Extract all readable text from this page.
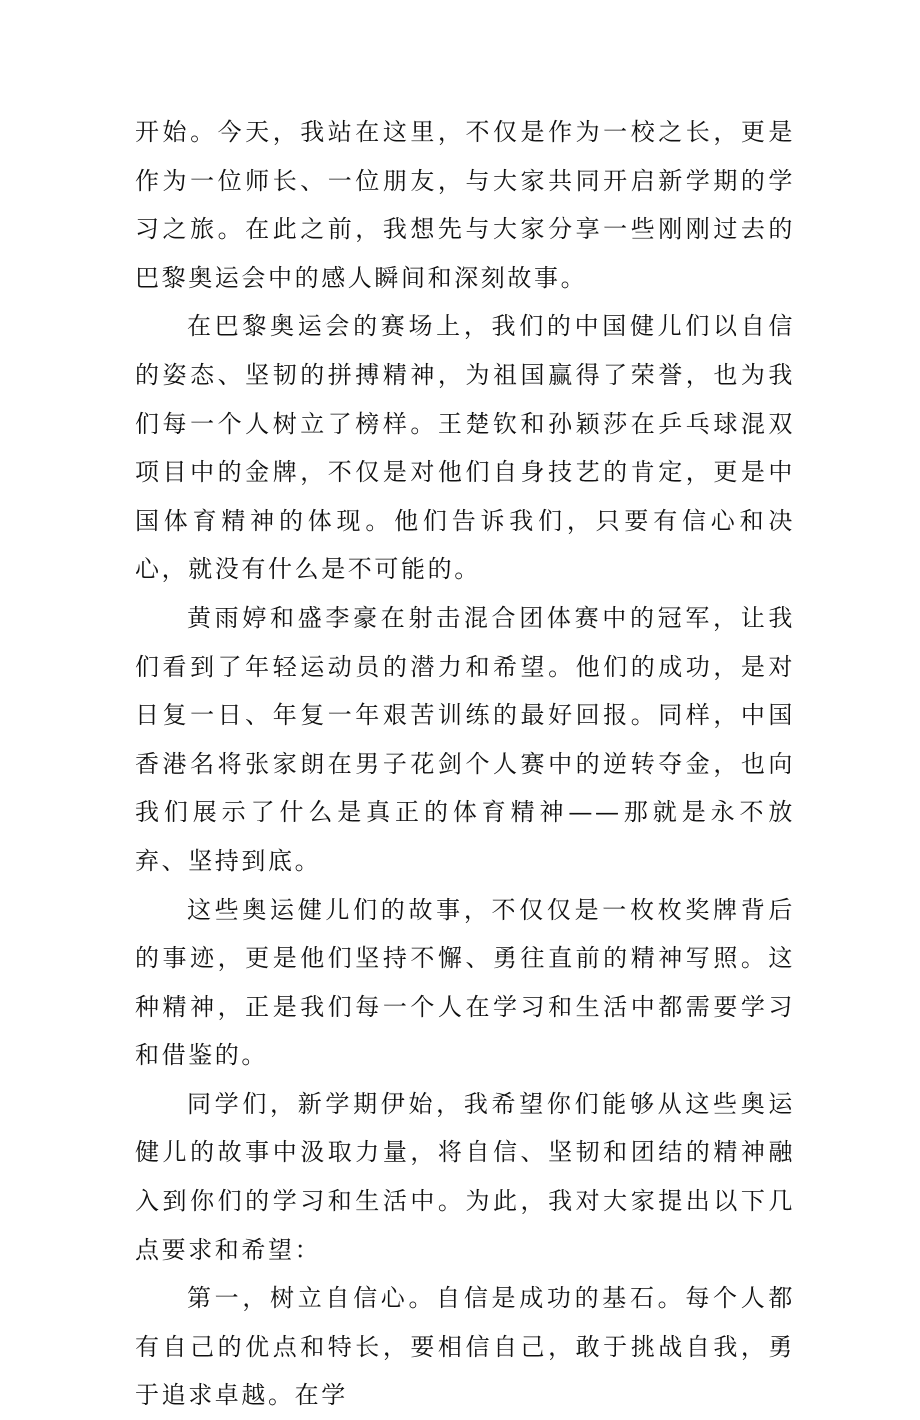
开始。今天，我站在这里，不仅是作为一校之长，更是作为一位师长、一位朋友，与大家共同开启新学期的学习之旅。在此之前，我想先与大家分享一些刚刚过去的巴黎奥运会中的感人瞬间和深刻故事。

在巴黎奥运会的赛场上，我们的中国健儿们以自信的姿态、坚韧的拼搏精神，为祖国赢得了荣誉，也为我们每一个人树立了榜样。王楚钦和孙颖莎在乒乓球混双项目中的金牌，不仅是对他们自身技艺的肯定，更是中国体育精神的体现。他们告诉我们，只要有信心和决心，就没有什么是不可能的。

黄雨婷和盛李豪在射击混合团体赛中的冠军，让我们看到了年轻运动员的潜力和希望。他们的成功，是对日复一日、年复一年艰苦训练的最好回报。同样，中国香港名将张家朗在男子花剑个人赛中的逆转夺金，也向我们展示了什么是真正的体育精神——那就是永不放弃、坚持到底。

这些奥运健儿们的故事，不仅仅是一枚枚奖牌背后的事迹，更是他们坚持不懈、勇往直前的精神写照。这种精神，正是我们每一个人在学习和生活中都需要学习和借鉴的。

同学们，新学期伊始，我希望你们能够从这些奥运健儿的故事中汲取力量，将自信、坚韧和团结的精神融入到你们的学习和生活中。为此，我对大家提出以下几点要求和希望：

第一，树立自信心。自信是成功的基石。每个人都有自己的优点和特长，要相信自己，敢于挑战自我，勇于追求卓越。在学
